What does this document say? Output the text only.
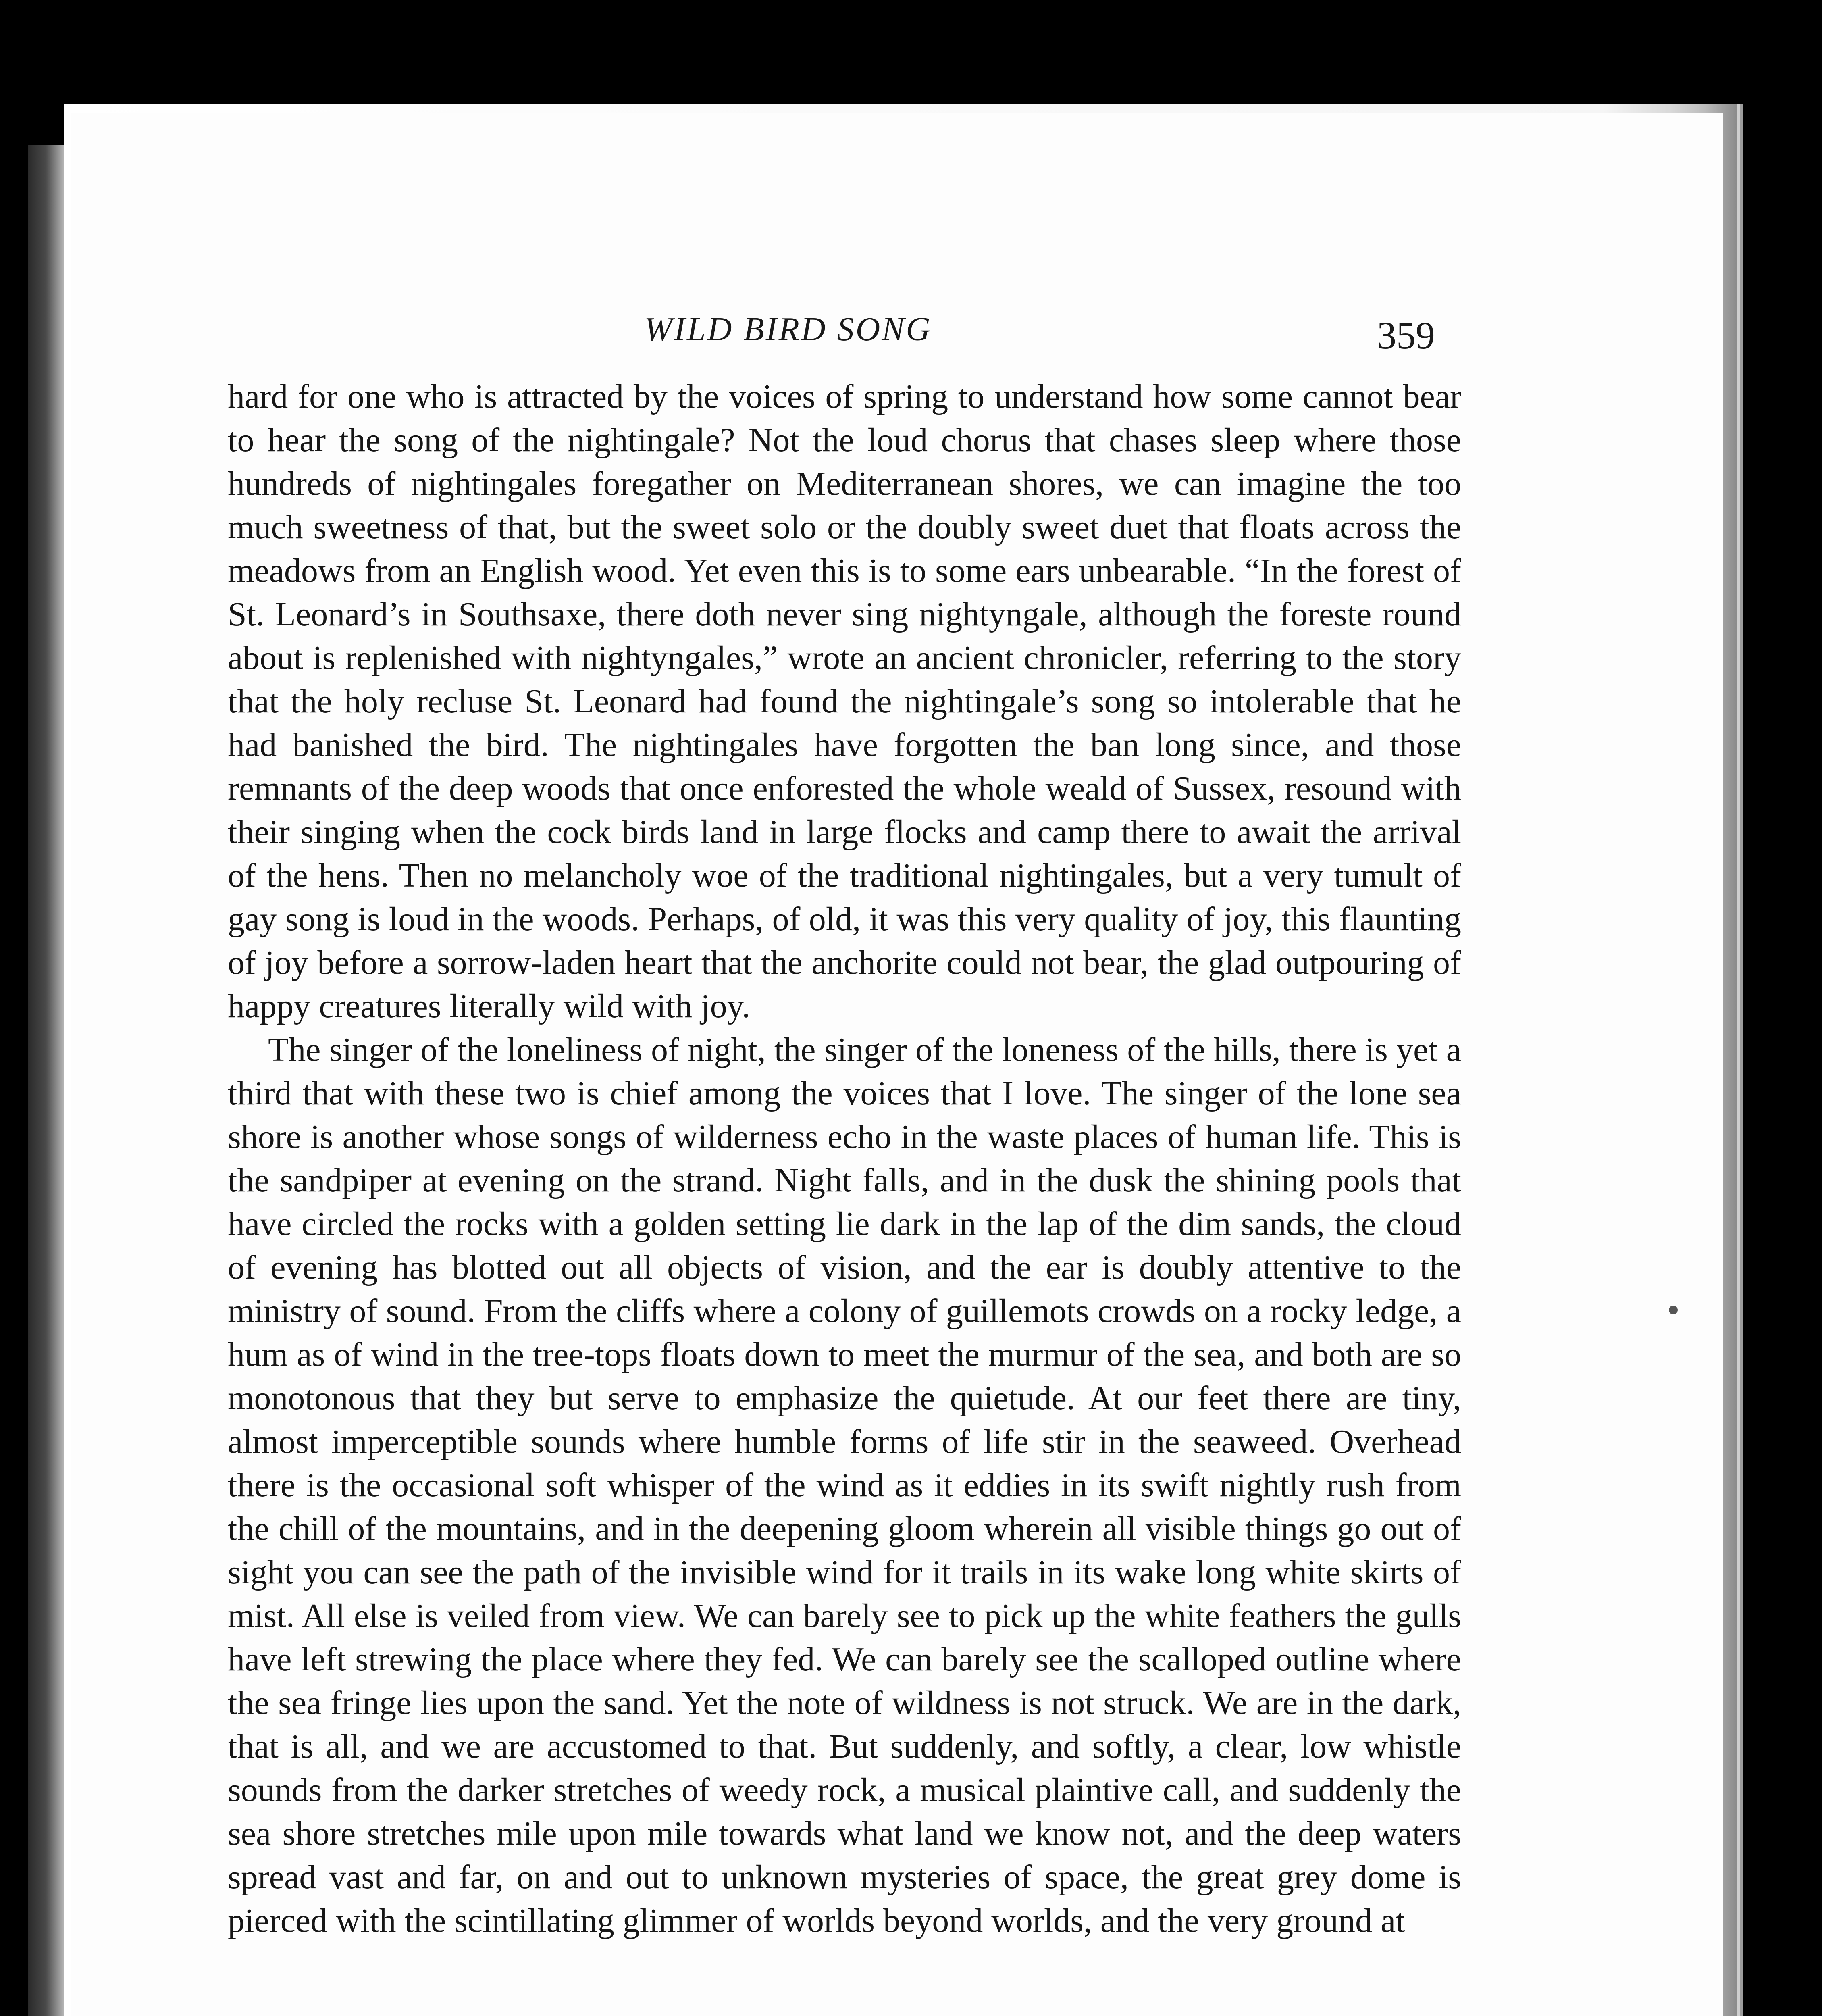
WILD BIRD SONG	359

hard for one who is attracted by the voices of spring to understand how some cannot bear to hear the song of the nightingale? Not the loud chorus that chases sleep where those hundreds of nightingales foregather on Mediterranean shores, we can imagine the too much sweetness of that, but the sweet solo or the doubly sweet duet that floats across the meadows from an English wood. Yet even this is to some ears unbearable. “In the forest of St. Leonard’s in Southsaxe, there doth never sing nightyngale, although the foreste round about is replenished with nightyngales,” wrote an ancient chronicler, referring to the story that the holy recluse St. Leonard had found the nightingale’s song so intolerable that he had banished the bird. The nightingales have forgotten the ban long since, and those remnants of the deep woods that once enforested the whole weald of Sussex, resound with their singing when the cock birds land in large flocks and camp there to await the arrival of the hens. Then no melancholy woe of the traditional nightingales, but a very tumult of gay song is loud in the woods. Perhaps, of old, it was this very quality of joy, this flaunting of joy before a sorrow-laden heart that the anchorite could not bear, the glad outpouring of happy creatures literally wild with joy.

The singer of the loneliness of night, the singer of the loneness of the hills, there is yet a third that with these two is chief among the voices that I love. The singer of the lone sea shore is another whose songs of wilderness echo in the waste places of human life. This is the sandpiper at evening on the strand. Night falls, and in the dusk the shining pools that have circled the rocks with a golden setting lie dark in the lap of the dim sands, the cloud of evening has blotted out all objects of vision, and the ear is doubly attentive to the ministry of sound. From the cliffs where a colony of guillemots crowds on a rocky ledge, a hum as of wind in the tree-tops floats down to meet the murmur of the sea, and both are so monotonous that they but serve to emphasize the quietude. At our feet there are tiny, almost imperceptible sounds where humble forms of life stir in the seaweed. Overhead there is the occasional soft whisper of the wind as it eddies in its swift nightly rush from the chill of the mountains, and in the deepening gloom wherein all visible things go out of sight you can see the path of the invisible wind for it trails in its wake long white skirts of mist. All else is veiled from view. We can barely see to pick up the white feathers the gulls have left strewing the place where they fed. We can barely see the scalloped outline where the sea fringe lies upon the sand. Yet the note of wildness is not struck. We are in the dark, that is all, and we are accustomed to that. But suddenly, and softly, a clear, low whistle sounds from the darker stretches of weedy rock, a musical plaintive call, and suddenly the sea shore stretches mile upon mile towards what land we know not, and the deep waters spread vast and far, on and out to unknown mysteries of space, the great grey dome is pierced with the scintillating glimmer of worlds beyond worlds, and the very ground at
